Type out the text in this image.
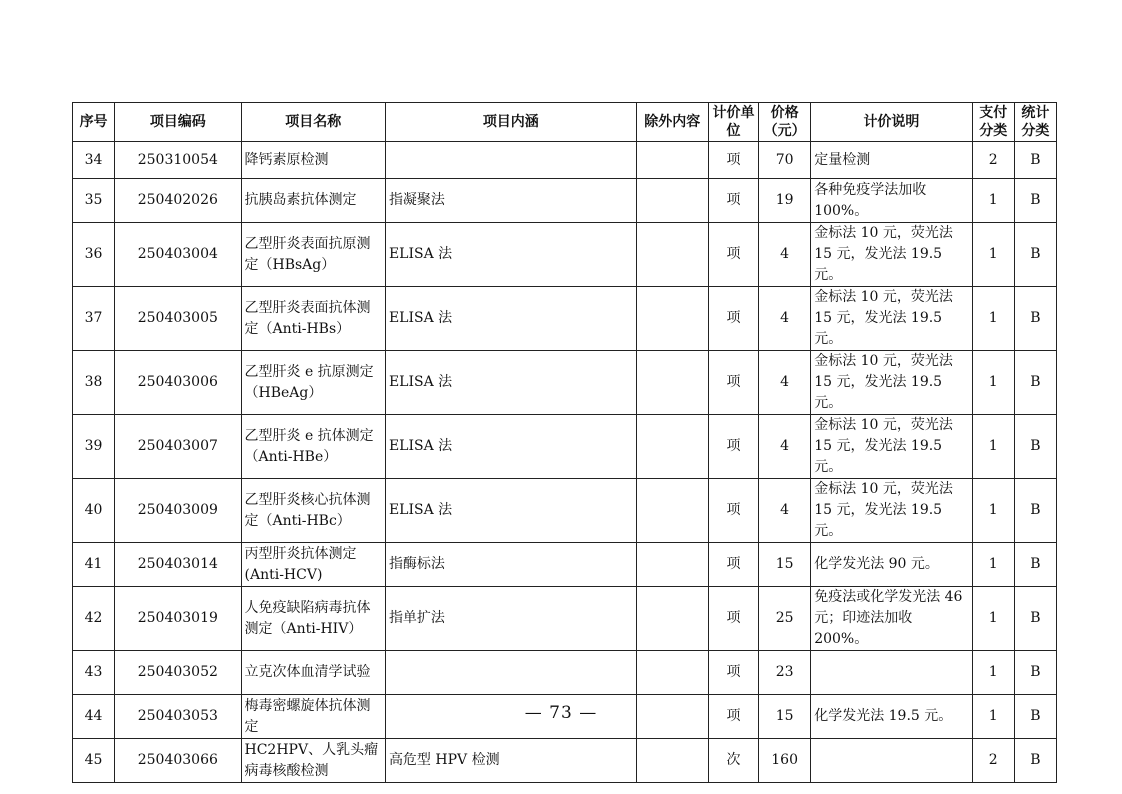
序号	项目编码	项目名称	项目内涵	除外内容	计价单位	价格（元）	计价说明	支付分类	统计分类
34	250310054	降钙素原检测			项	70	定量检测	2	B
35	250402026	抗胰岛素抗体测定	指凝聚法		项	19	各种免疫学法加收100%。	1	B
36	250403004	乙型肝炎表面抗原测定（HBsAg）	ELISA 法		项	4	金标法 10 元，荧光法 15 元，发光法 19.5 元。	1	B
37	250403005	乙型肝炎表面抗体测定（Anti-HBs）	ELISA 法		项	4	金标法 10 元，荧光法 15 元，发光法 19.5 元。	1	B
38	250403006	乙型肝炎 e 抗原测定（HBeAg）	ELISA 法		项	4	金标法 10 元，荧光法 15 元，发光法 19.5 元。	1	B
39	250403007	乙型肝炎 e 抗体测定（Anti-HBe）	ELISA 法		项	4	金标法 10 元，荧光法 15 元，发光法 19.5 元。	1	B
40	250403009	乙型肝炎核心抗体测定（Anti-HBc）	ELISA 法		项	4	金标法 10 元，荧光法 15 元，发光法 19.5 元。	1	B
41	250403014	丙型肝炎抗体测定 (Anti-HCV)	指酶标法		项	15	化学发光法 90 元。	1	B
42	250403019	人免疫缺陷病毒抗体测定（Anti-HIV）	指单扩法		项	25	免疫法或化学发光法 46 元；印迹法加收 200%。	1	B
43	250403052	立克次体血清学试验			项	23		1	B
44	250403053	梅毒密螺旋体抗体测定			项	15	化学发光法 19.5 元。	1	B
45	250403066	HC2HPV、人乳头瘤病毒核酸检测	高危型 HPV 检测		次	160		2	B
— 73 —
